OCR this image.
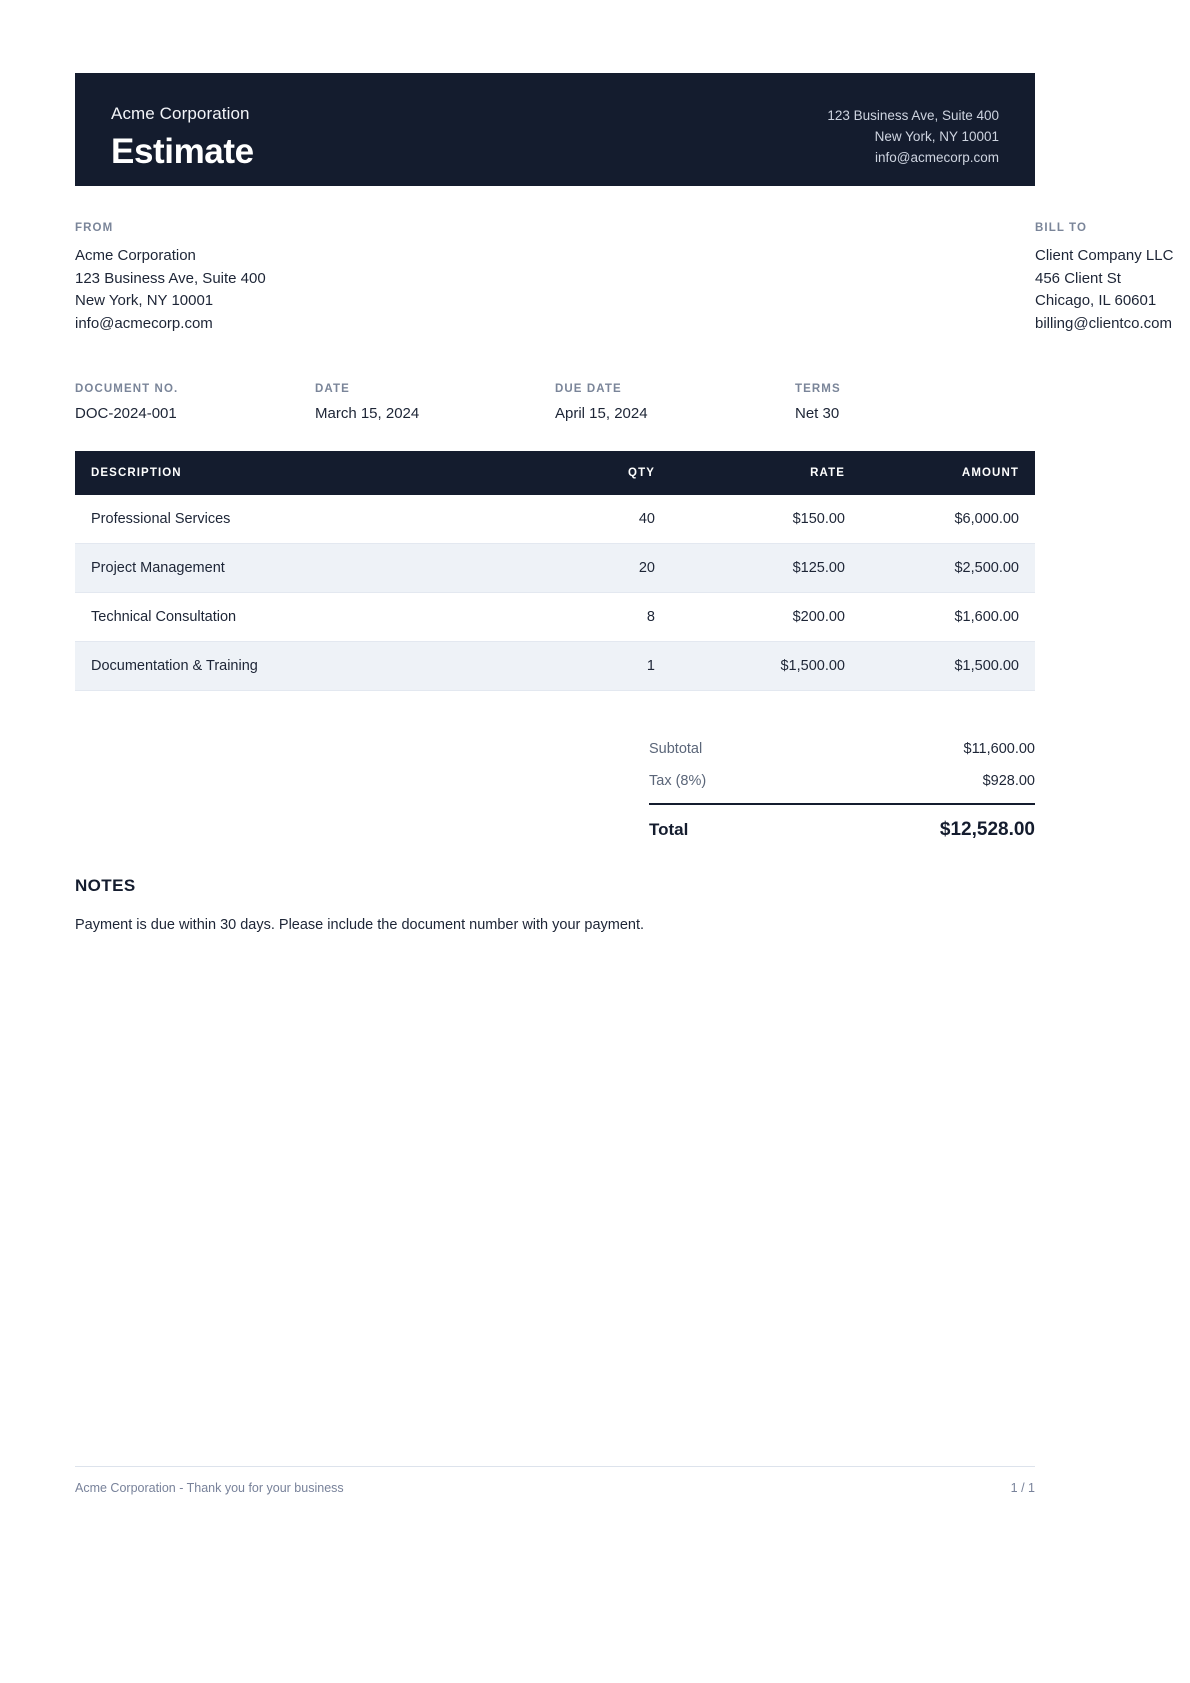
Acme Corporation
Estimate
123 Business Ave, Suite 400
New York, NY 10001
info@acmecorp.com
FROM
Acme Corporation
123 Business Ave, Suite 400
New York, NY 10001
info@acmecorp.com
BILL TO
Client Company LLC
456 Client St
Chicago, IL 60601
billing@clientco.com
DOCUMENT NO.
DOC-2024-001
DATE
March 15, 2024
DUE DATE
April 15, 2024
TERMS
Net 30
DESCRIPTION	QTY	RATE	AMOUNT
Professional Services	40	$150.00	$6,000.00
Project Management	20	$125.00	$2,500.00
Technical Consultation	8	$200.00	$1,600.00
Documentation & Training	1	$1,500.00	$1,500.00
Subtotal	$11,600.00
Tax (8%)	$928.00
Total	$12,528.00
NOTES
Payment is due within 30 days. Please include the document number with your payment.
Acme Corporation - Thank you for your business	1 / 1
